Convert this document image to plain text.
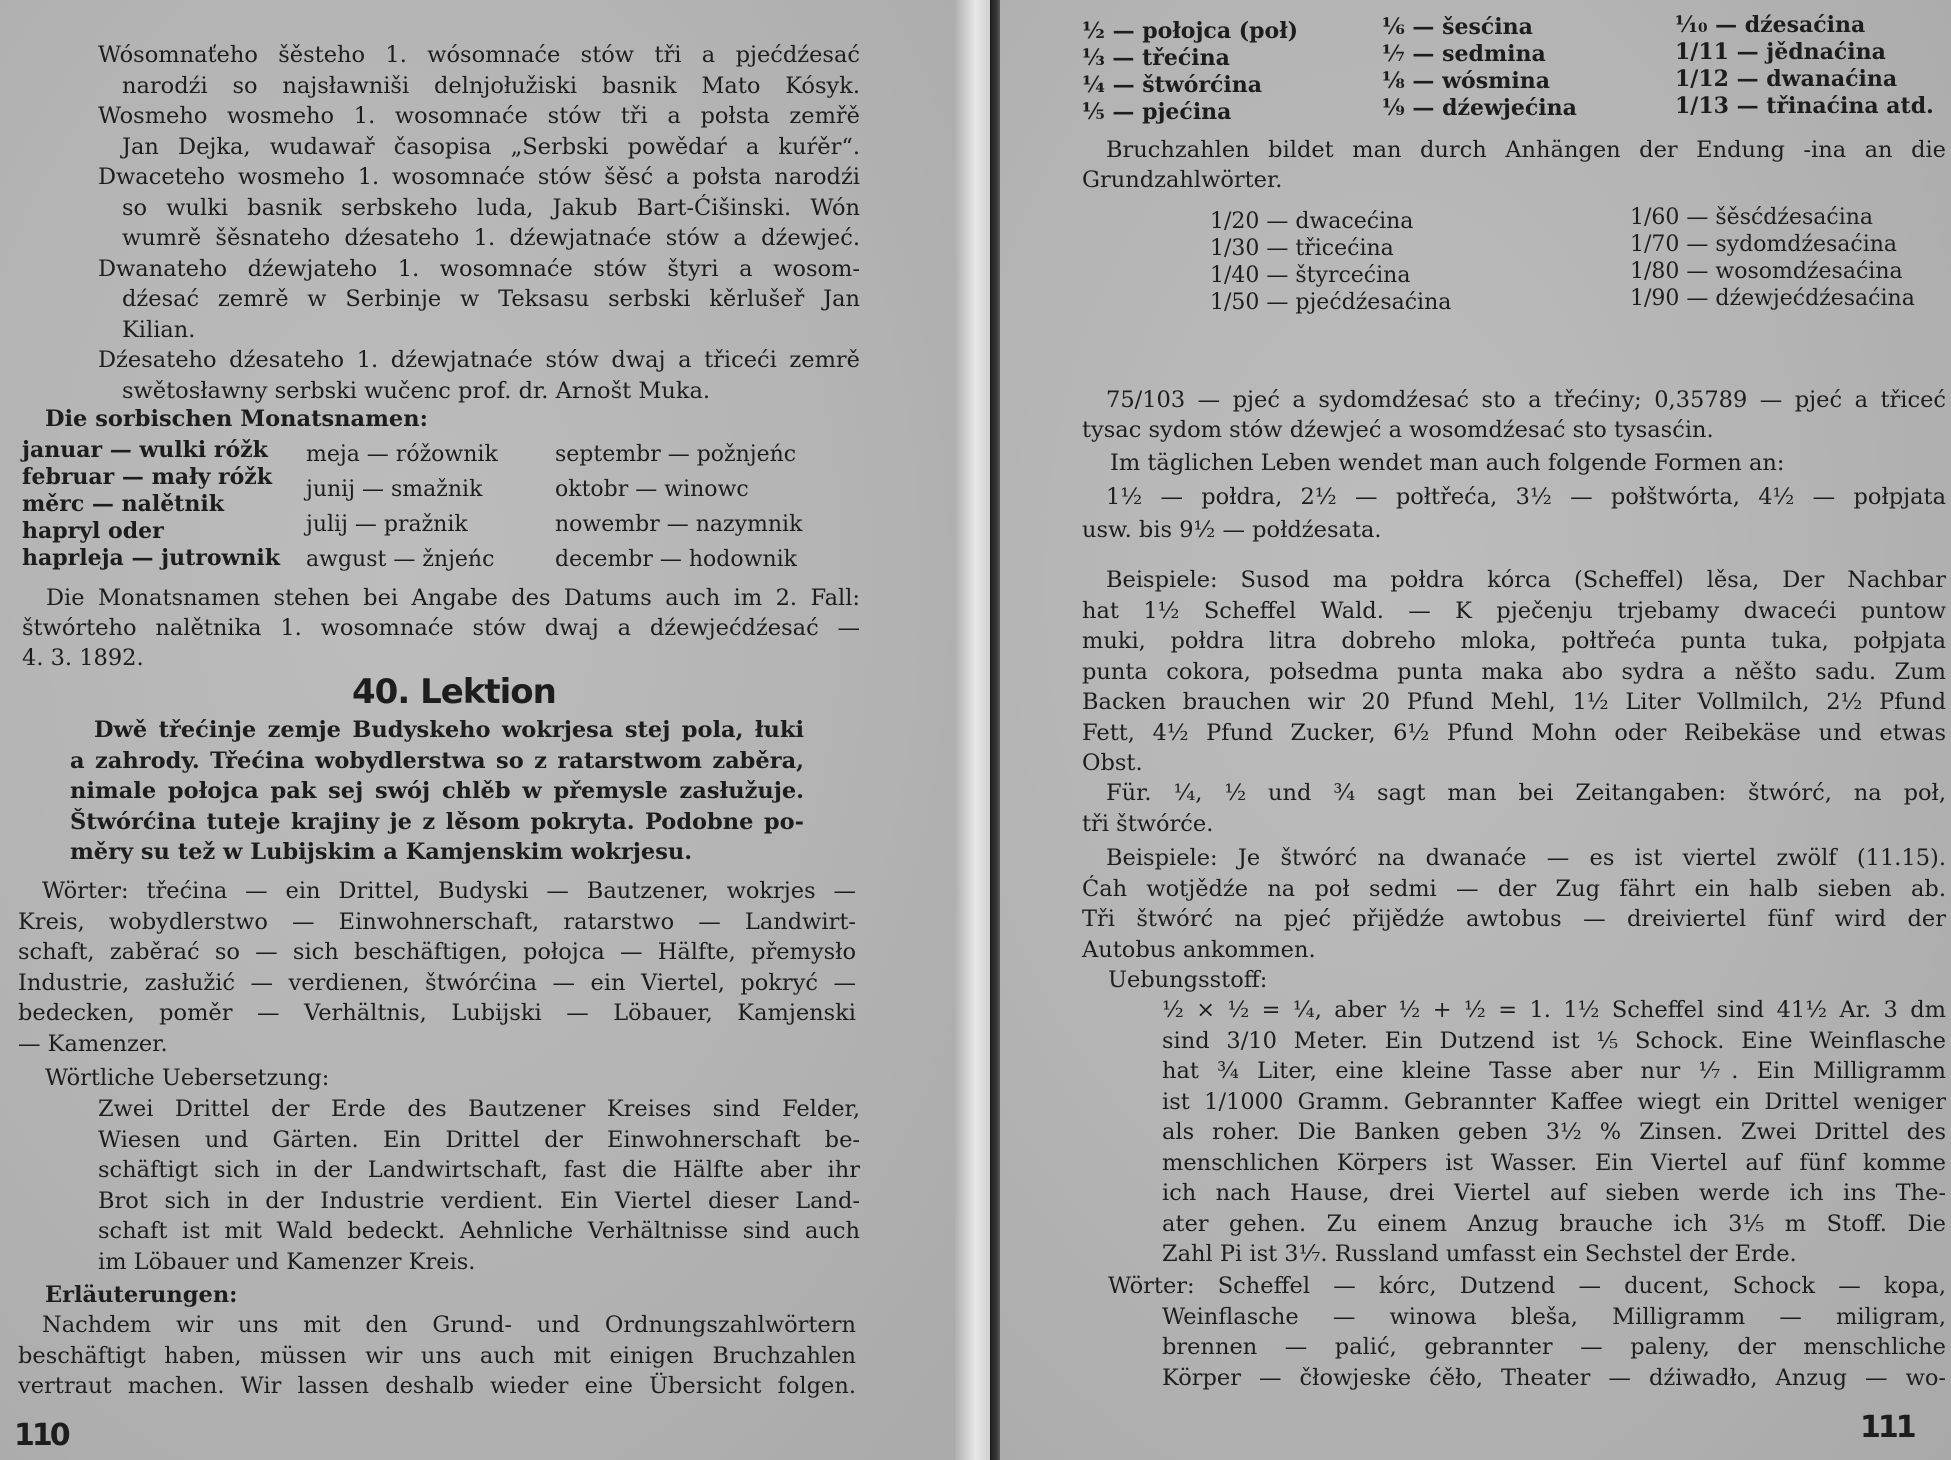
Wósomnaťeho šěsteho 1. wósomnaće stów tři a pjećdźesać
narodźi so najsławniši delnjołužiski basnik Mato Kósyk.
Wosmeho wosmeho 1. wosomnaće stów tři a połsta zemřě
Jan Dejka, wudawař časopisa „Serbski powědaŕ a kuŕěr“.
Dwaceteho wosmeho 1. wosomnaće stów šěsć a połsta narodźi
so wulki basnik serbskeho luda, Jakub Bart-Ćišinski. Wón
wumrě šěsnateho dźesateho 1. dźewjatnaće stów a dźewjeć.
Dwanateho dźewjateho 1. wosomnaće stów štyri a wosom-
dźesać zemrě w Serbinje w Teksasu serbski kěrlušeř Jan
Kilian.
Dźesateho dźesateho 1. dźewjatnaće stów dwaj a třiceći zemrě
swětosławny serbski wučenc prof. dr. Arnošt Muka.
Die sorbischen Monatsnamen:
januar — wulki róžk
februar — mały róžk
měrc — nalětnik
hapryl oder
haprleja — jutrownik
meja — róžownik
junij — smažnik
julij — pražnik
awgust — žnjeńc
septembr — požnjeńc
oktobr — winowc
nowembr — nazymnik
decembr — hodownik
Die Monatsnamen stehen bei Angabe des Datums auch im 2. Fall:
štwórteho nalětnika 1. wosomnaće stów dwaj a dźewjećdźesać —
4. 3. 1892.
40. Lektion
Dwě třećinje zemje Budyskeho wokrjesa stej pola, łuki
a zahrody. Třećina wobydlerstwa so z ratarstwom zaběra,
nimale połojca pak sej swój chlěb w přemysle zasłužuje.
Štwórćina tuteje krajiny je z lěsom pokryta. Podobne po-
měry su tež w Lubijskim a Kamjenskim wokrjesu.
Wörter: třećina — ein Drittel, Budyski — Bautzener, wokrjes —
Kreis, wobydlerstwo — Einwohnerschaft, ratarstwo — Landwirt-
schaft, zaběrać so — sich beschäftigen, połojca — Hälfte, přemysło
Industrie, zasłužić — verdienen, štwórćina — ein Viertel, pokryć —
bedecken, poměr — Verhältnis, Lubijski — Löbauer, Kamjenski
— Kamenzer.
Wörtliche Uebersetzung:
Zwei Drittel der Erde des Bautzener Kreises sind Felder,
Wiesen und Gärten. Ein Drittel der Einwohnerschaft be-
schäftigt sich in der Landwirtschaft, fast die Hälfte aber ihr
Brot sich in der Industrie verdient. Ein Viertel dieser Land-
schaft ist mit Wald bedeckt. Aehnliche Verhältnisse sind auch
im Löbauer und Kamenzer Kreis.
Erläuterungen:
Nachdem wir uns mit den Grund- und Ordnungszahlwörtern
beschäftigt haben, müssen wir uns auch mit einigen Bruchzahlen
vertraut machen. Wir lassen deshalb wieder eine Übersicht folgen.
110
½ — połojca (poł)
⅓ — třećina
¼ — štwórćina
⅕ — pjećina
⅙ — šesćina
⅐ — sedmina
⅛ — wósmina
⅑ — dźewjećina
⅒ — dźesaćina
1/11 — jědnaćina
1/12 — dwanaćina
1/13 — třinaćina atd.
Bruchzahlen bildet man durch Anhängen der Endung -ina an die
Grundzahlwörter.
1/20 — dwacećina
1/30 — třicećina
1/40 — štyrcećina
1/50 — pjećdźesaćina
1/60 — šěsćdźesaćina
1/70 — sydomdźesaćina
1/80 — wosomdźesaćina
1/90 — dźewjećdźesaćina
75/103 — pjeć a sydomdźesać sto a třećiny; 0,35789 — pjeć a třiceć
tysac sydom stów dźewjeć a wosomdźesać sto tysasćin.
Im täglichen Leben wendet man auch folgende Formen an:
1½ — połdra, 2½ — połtřeća, 3½ — połštwórta, 4½ — połpjata
usw. bis 9½ — połdźesata.
Beispiele: Susod ma połdra kórca (Scheffel) lěsa, Der Nachbar
hat 1½ Scheffel Wald. — K pječenju trjebamy dwaceći puntow
muki, połdra litra dobreho mloka, połtřeća punta tuka, połpjata
punta cokora, połsedma punta maka abo sydra a něšto sadu. Zum
Backen brauchen wir 20 Pfund Mehl, 1½ Liter Vollmilch, 2½ Pfund
Fett, 4½ Pfund Zucker, 6½ Pfund Mohn oder Reibekäse und etwas
Obst.
Für. ¼, ½ und ¾ sagt man bei Zeitangaben: štwórć, na poł,
tři štwórće.
Beispiele: Je štwórć na dwanaće — es ist viertel zwölf (11.15).
Ćah wotjědźe na poł sedmi — der Zug fährt ein halb sieben ab.
Tři štwórć na pjeć přijědźe awtobus — dreiviertel fünf wird der
Autobus ankommen.
Uebungsstoff:
½ × ½ = ¼, aber ½ + ½ = 1. 1½ Scheffel sind 41½ Ar. 3 dm
sind 3/10 Meter. Ein Dutzend ist ⅕ Schock. Eine Weinflasche
hat ¾ Liter, eine kleine Tasse aber nur ⅐. Ein Milligramm
ist 1/1000 Gramm. Gebrannter Kaffee wiegt ein Drittel weniger
als roher. Die Banken geben 3½ % Zinsen. Zwei Drittel des
menschlichen Körpers ist Wasser. Ein Viertel auf fünf komme
ich nach Hause, drei Viertel auf sieben werde ich ins The-
ater gehen. Zu einem Anzug brauche ich 3⅕ m Stoff. Die
Zahl Pi ist 3⅐. Russland umfasst ein Sechstel der Erde.
Wörter: Scheffel — kórc, Dutzend — ducent, Schock — kopa,
Weinflasche — winowa bleša, Milligramm — miligram,
brennen — palić, gebrannter — paleny, der menschliche
Körper — čłowjeske ćěło, Theater — dźiwadło, Anzug — wo-
111
